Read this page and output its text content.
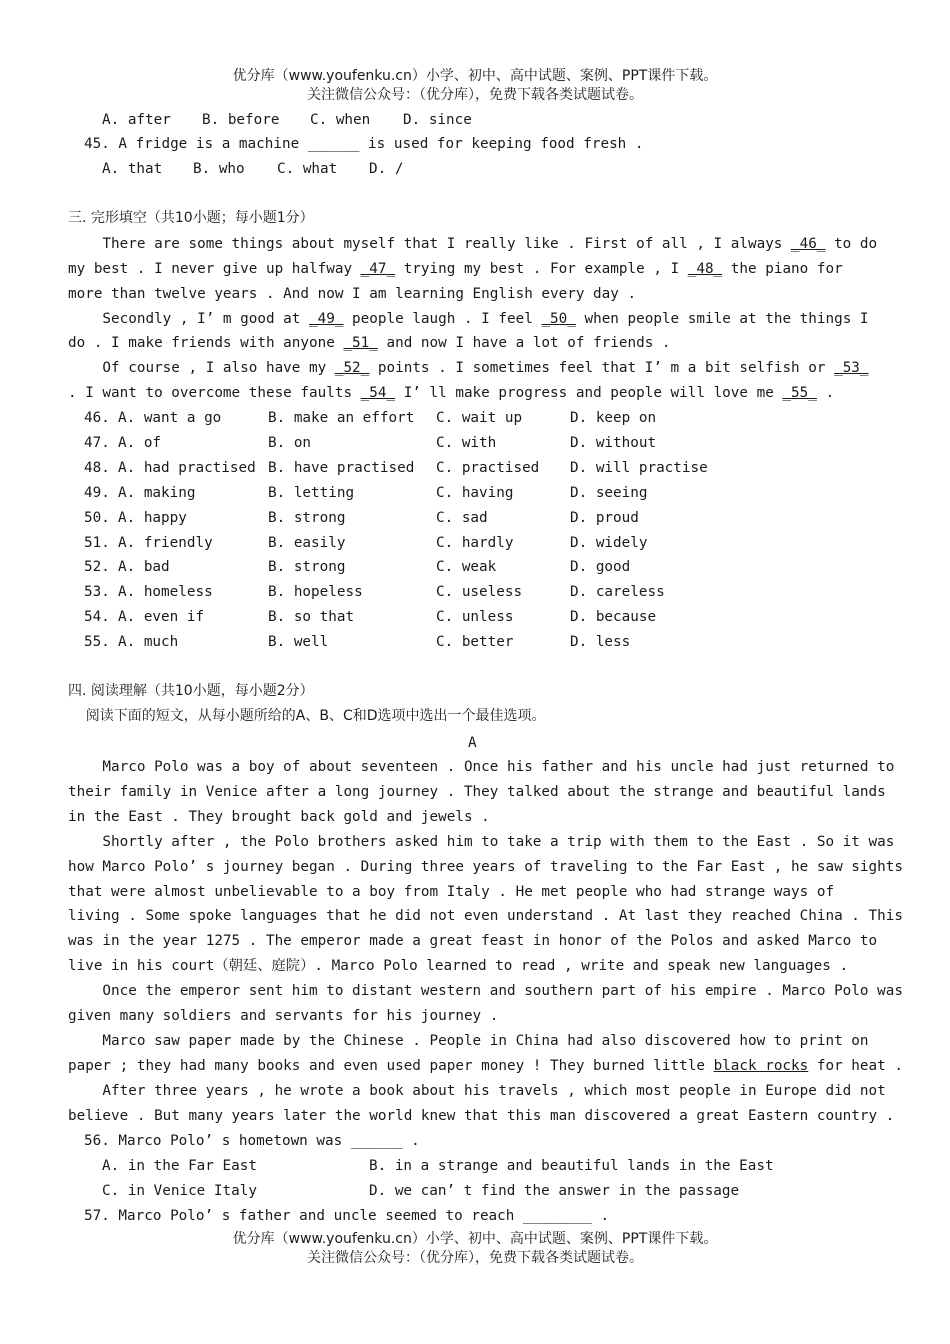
优分库（www.youfenku.cn）小学、初中、高中试题、案例、PPT课件下载。
关注微信公众号：（优分库），免费下载各类试题试卷。
A. after B. before C. when D. since
45. A fridge is a machine ______ is used for keeping food fresh .
A. that B. who C. what D. /
三. 完形填空（共10小题；每小题1分）
There are some things about myself that I really like . First of all , I always _46_ to do
my best . I never give up halfway _47_ trying my best . For example , I _48_ the piano for
more than twelve years . And now I am learning English every day .
Secondly , I’ m good at _49_ people laugh . I feel _50_ when people smile at the things I
do . I make friends with anyone _51_ and now I have a lot of friends .
Of course , I also have my _52_ points . I sometimes feel that I’ m a bit selfish or _53_
. I want to overcome these faults _54_ I’ ll make progress and people will love me _55_ .
46. A. want a go	B. make an effort C. wait up	D. keep on
47. A. of	B. on	C. with	D. without
48. A. had practised B. have practised C. practised D. will practise
49. A. making	B. letting	C. having	D. seeing
50. A. happy	B. strong	C. sad	D. proud
51. A. friendly	B. easily	C. hardly	D. widely
52. A. bad	B. strong	C. weak	D. good
53. A. homeless	B. hopeless	C. useless	D. careless
54. A. even if	B. so that	C. unless	D. because
55. A. much	B. well	C. better	D. less
四. 阅读理解（共10小题，每小题2分）
阅读下面的短文，从每小题所给的A、B、C和D选项中选出一个最佳选项。
A
Marco Polo was a boy of about seventeen . Once his father and his uncle had just returned to
their family in Venice after a long journey . They talked about the strange and beautiful lands
in the East . They brought back gold and jewels .
Shortly after , the Polo brothers asked him to take a trip with them to the East . So it was
how Marco Polo’ s journey began . During three years of traveling to the Far East , he saw sights
that were almost unbelievable to a boy from Italy . He met people who had strange ways of
living . Some spoke languages that he did not even understand . At last they reached China . This
was in the year 1275 . The emperor made a great feast in honor of the Polos and asked Marco to
live in his court（朝廷、庭院）. Marco Polo learned to read , write and speak new languages .
Once the emperor sent him to distant western and southern part of his empire . Marco Polo was
given many soldiers and servants for his journey .
Marco saw paper made by the Chinese . People in China had also discovered how to print on
paper ; they had many books and even used paper money ! They burned little black rocks for heat .
After three years , he wrote a book about his travels , which most people in Europe did not
believe . But many years later the world knew that this man discovered a great Eastern country .
56. Marco Polo’ s hometown was ______ .
A. in the Far East	B. in a strange and beautiful lands in the East
C. in Venice Italy	D. we can’ t find the answer in the passage
57. Marco Polo’ s father and uncle seemed to reach ________ .
优分库（www.youfenku.cn）小学、初中、高中试题、案例、PPT课件下载。
关注微信公众号：（优分库），免费下载各类试题试卷。
